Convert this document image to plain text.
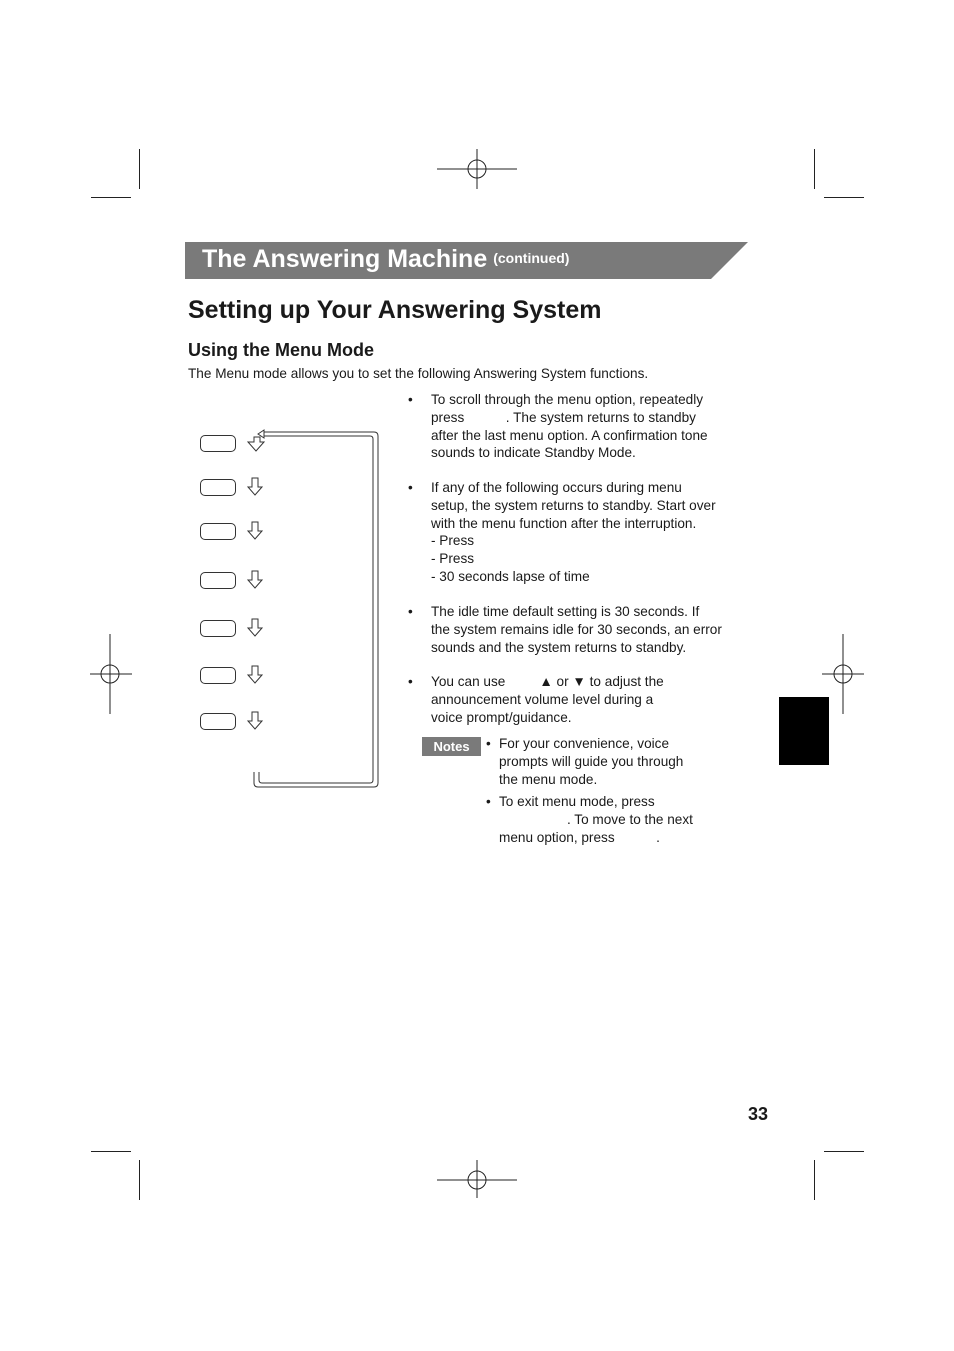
The Answering Machine (continued)
Setting up Your Answering System
Using the Menu Mode
The Menu mode allows you to set the following Answering System functions.
• To scroll through the menu option, repeatedly
press           . The system returns to standby
after the last menu option. A confirmation tone
sounds to indicate Standby Mode.
• If any of the following occurs during menu
setup, the system returns to standby. Start over
with the menu function after the interruption.
- Press
- Press
- 30 seconds lapse of time
• The idle time default setting is 30 seconds. If
the system remains idle for 30 seconds, an error
sounds and the system returns to standby.
• You can use         ▲ or ▼ to adjust the
announcement volume level during a
voice prompt/guidance.
Notes	• For your convenience, voice
prompts will guide you through
the menu mode.
• To exit menu mode, press
. To move to the next
menu option, press           .
33
